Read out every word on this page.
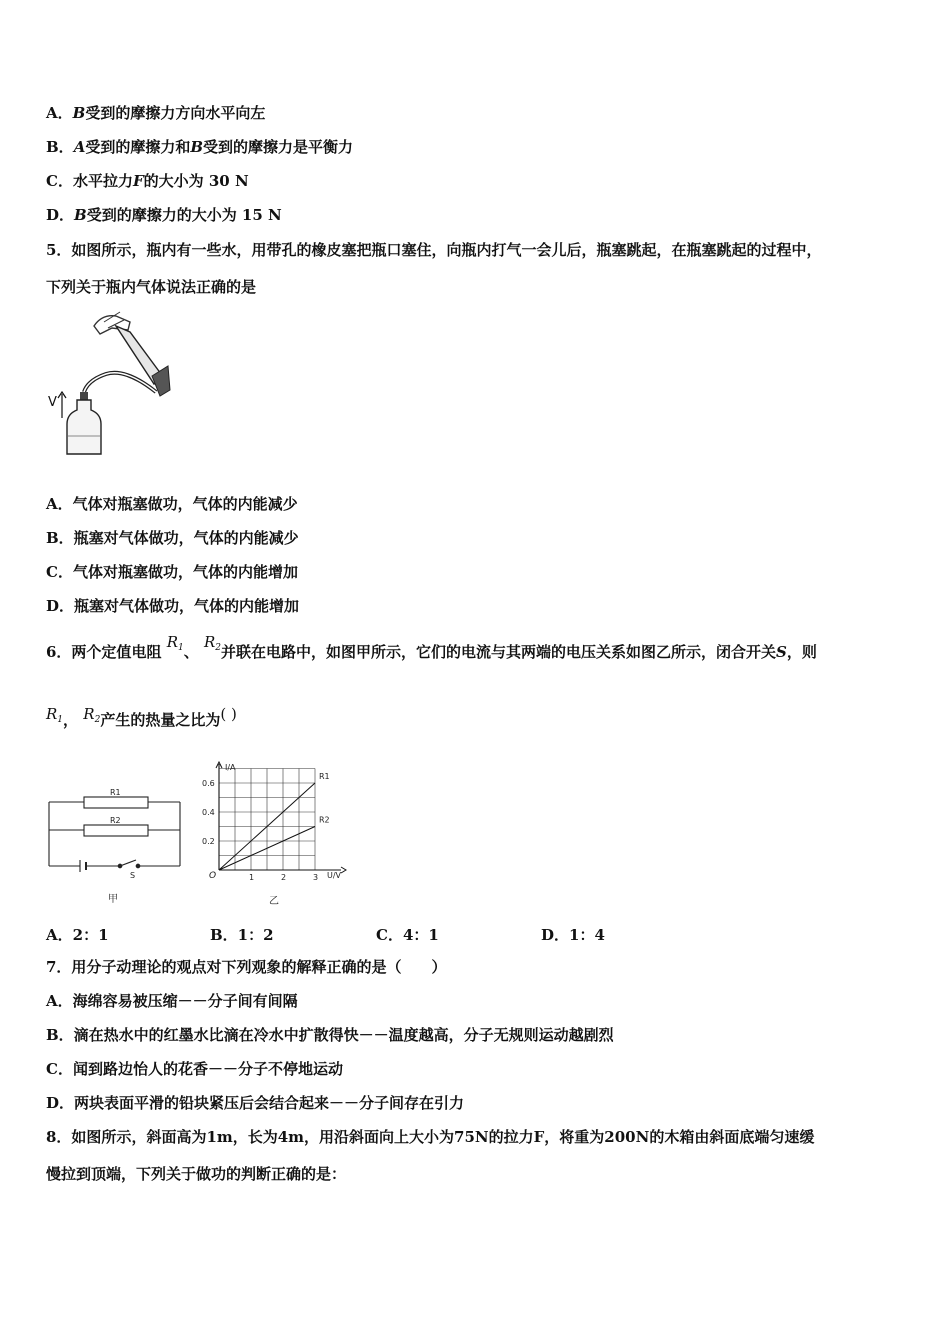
A．B受到的摩擦力方向水平向左
B．A受到的摩擦力和B受到的摩擦力是平衡力
C．水平拉力F的大小为 30 N
D．B受到的摩擦力的大小为 15 N
5．如图所示，瓶内有一些水，用带孔的橡皮塞把瓶口塞住，向瓶内打气一会儿后，瓶塞跳起，在瓶塞跳起的过程中，
下列关于瓶内气体说法正确的是
V
A．气体对瓶塞做功，气体的内能减少
B．瓶塞对气体做功，气体的内能减少
C．气体对瓶塞做功，气体的内能增加
D．瓶塞对气体做功，气体的内能增加
6．两个定值电阻 $R_1$、 $R_2$并联在电路中，如图甲所示，它们的电流与其两端的电压关系如图乙所示，闭合开关S，则
$R_1$， $R_2$产生的热量之比为( )
R1
R2
S
甲
0.2
0.4
0.6
1	2	3
R1
R2
I/A
U/V
O
乙
A．2：1	B．1：2	C．4：1	D．1：4
7．用分子动理论的观点对下列观象的解释正确的是（　　）
A．海绵容易被压缩－－分子间有间隔
B．滴在热水中的红墨水比滴在冷水中扩散得快－－温度越高，分子无规则运动越剧烈
C．闻到路边怡人的花香－－分子不停地运动
D．两块表面平滑的铅块紧压后会结合起来－－分子间存在引力
8．如图所示，斜面高为1m，长为4m，用沿斜面向上大小为75N的拉力F，将重为200N的木箱由斜面底端匀速缓
慢拉到顶端，下列关于做功的判断正确的是：
